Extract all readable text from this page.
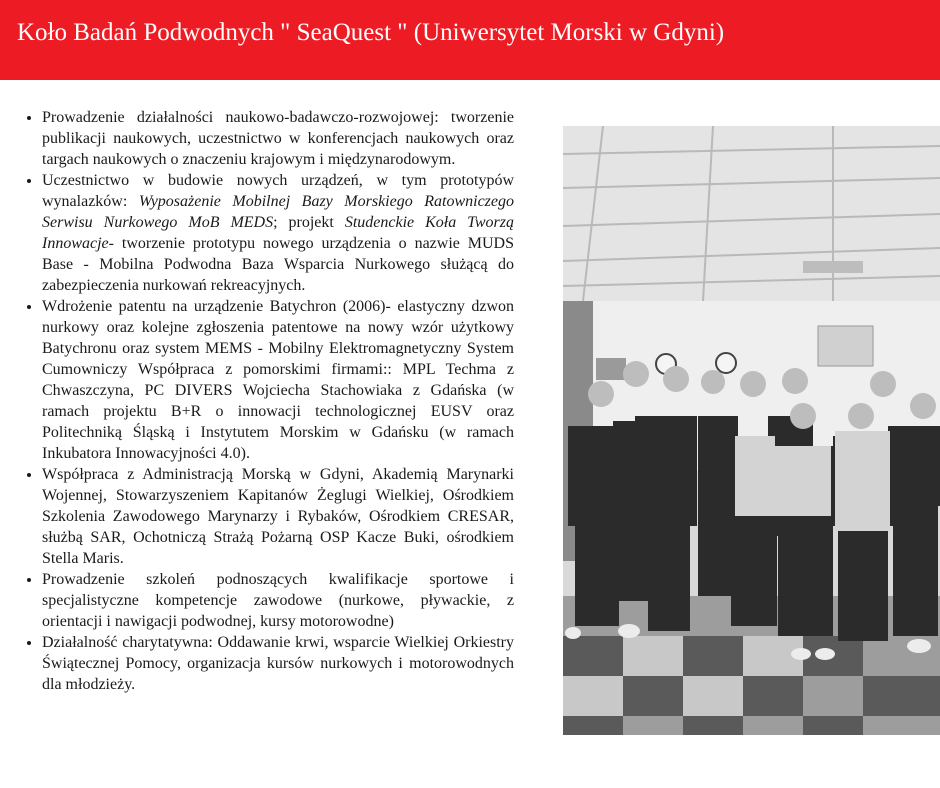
Koło Badań Podwodnych " SeaQuest " (Uniwersytet Morski w Gdyni)
• Prowadzenie działalności naukowo-badawczo-rozwojowej: tworzenie publikacji naukowych, uczestnictwo w konferencjach naukowych oraz targach naukowych o znaczeniu krajowym i międzynarodowym.
• Uczestnictwo w budowie nowych urządzeń, w tym prototypów wynalazków: Wyposażenie Mobilnej Bazy Morskiego Ratowniczego Serwisu Nurkowego MoB MEDS; projekt Studenckie Koła Tworzą Innowacje- tworzenie prototypu nowego urządzenia o nazwie MUDS Base - Mobilna Podwodna Baza Wsparcia Nurkowego służącą do zabezpieczenia nurkowań rekreacyjnych.
• Wdrożenie patentu na urządzenie Batychron (2006)- elastyczny dzwon nurkowy oraz kolejne zgłoszenia patentowe na nowy wzór użytkowy Batychronu oraz system MEMS - Mobilny Elektromagnetyczny System Cumowniczy Współpraca z pomorskimi firmami:: MPL Techma z Chwaszczyna, PC DIVERS Wojciecha Stachowiaka z Gdańska (w ramach projektu B+R o innowacji technologicznej EUSV oraz Politechniką Śląską i Instytutem Morskim w Gdańsku (w ramach Inkubatora Innowacyjności 4.0).
• Współpraca z Administracją Morską w Gdyni, Akademią Marynarki Wojennej, Stowarzyszeniem Kapitanów Żeglugi Wielkiej, Ośrodkiem Szkolenia Zawodowego Marynarzy i Rybaków, Ośrodkiem CRESAR, służbą SAR, Ochotniczą Strażą Pożarną OSP Kacze Buki, ośrodkiem Stella Maris.
• Prowadzenie szkoleń podnoszących kwalifikacje sportowe i specjalistyczne kompetencje zawodowe (nurkowe, pływackie, z orientacji i nawigacji podwodnej, kursy motorowodne)
• Działalność charytatywna: Oddawanie krwi, wsparcie Wielkiej Orkiestry Świątecznej Pomocy, organizacja kursów nurkowych i motorowodnych dla młodzieży.
